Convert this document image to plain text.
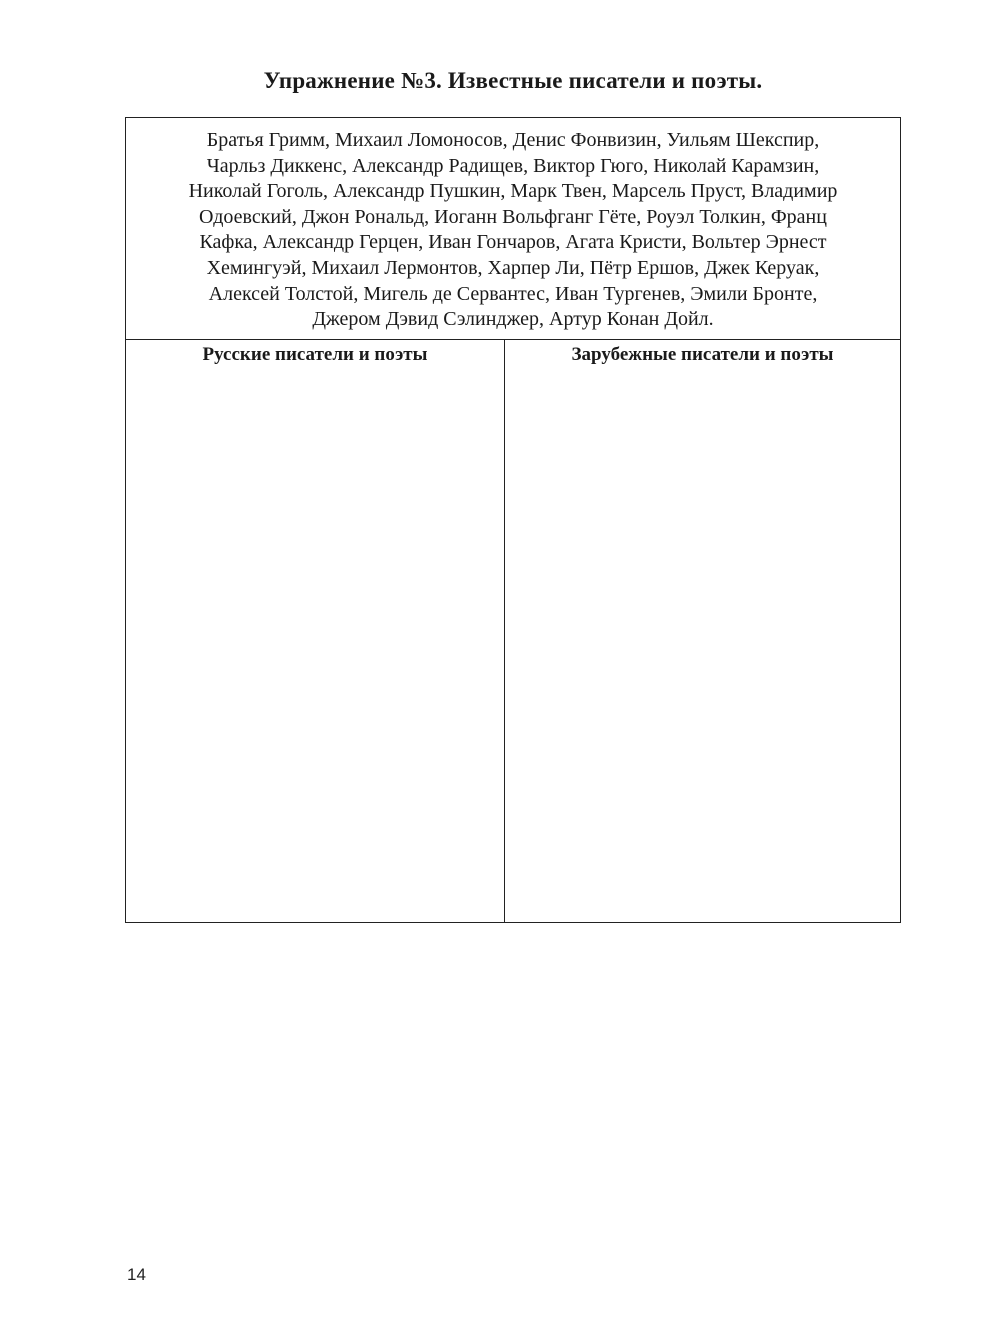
Упражнение №3. Известные писатели и поэты.
Братья Гримм, Михаил Ломоносов, Денис Фонвизин, Уильям Шекспир,
Чарльз Диккенс, Александр Радищев, Виктор Гюго, Николай Карамзин,
Николай Гоголь, Александр Пушкин, Марк Твен, Марсель Пруст, Владимир
Одоевский, Джон Рональд, Иоганн Вольфганг Гёте, Роуэл Толкин, Франц
Кафка, Александр Герцен, Иван Гончаров, Агата Кристи, Вольтер Эрнест
Хемингуэй, Михаил Лермонтов, Харпер Ли, Пётр Ершов, Джек Керуак,
Алексей Толстой, Мигель де Сервантес, Иван Тургенев, Эмили Бронте,
Джером Дэвид Сэлинджер, Артур Конан Дойл.
Русские писатели и поэты	Зарубежные писатели и поэты
14
